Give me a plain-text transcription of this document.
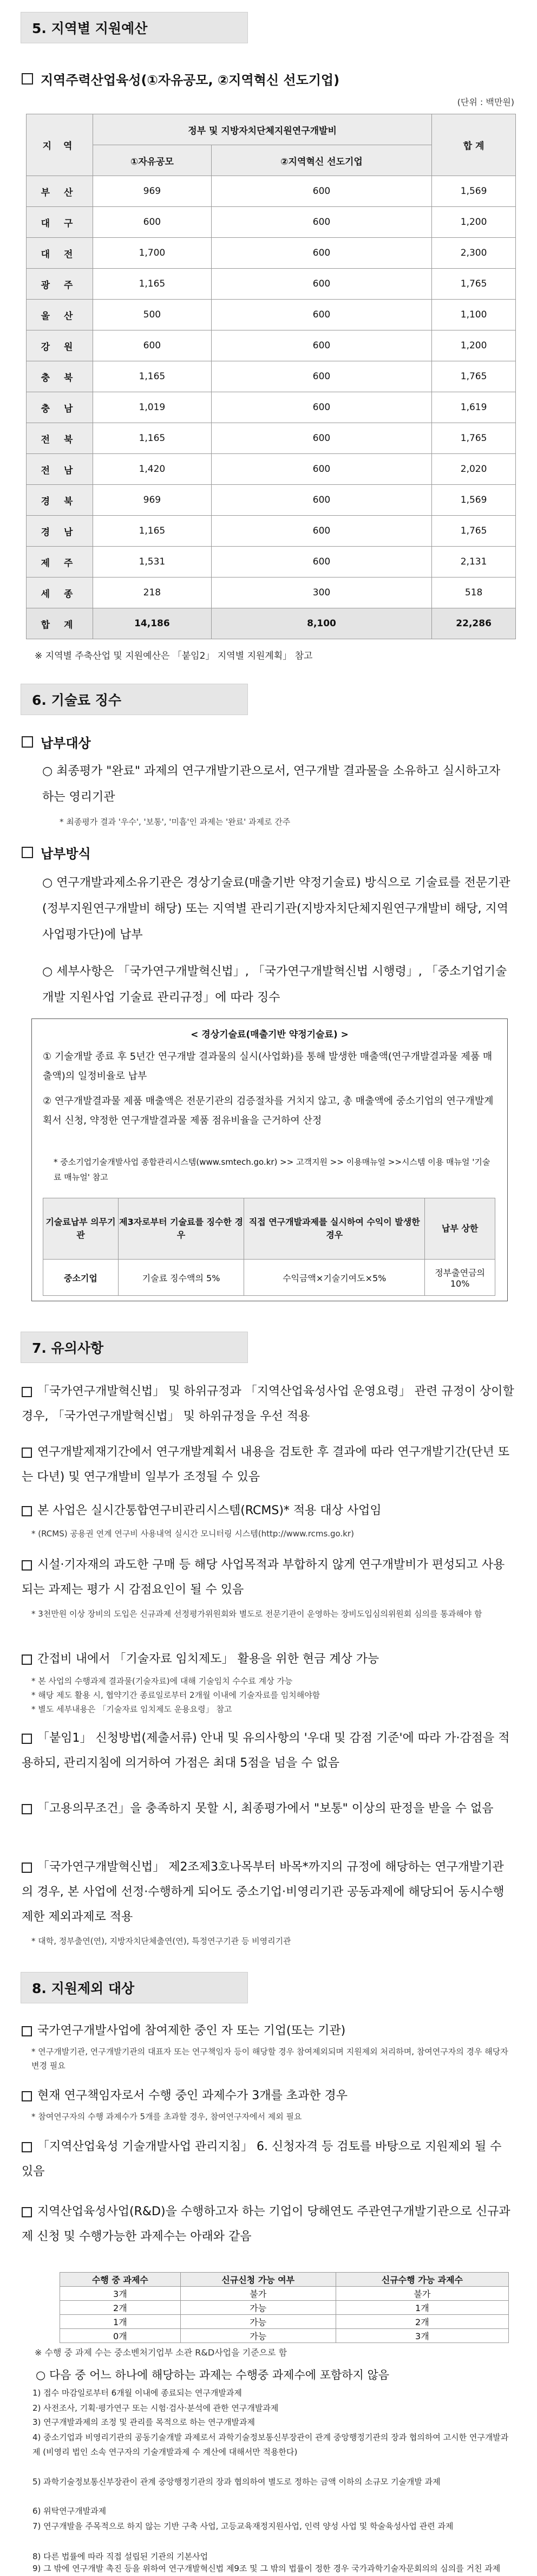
5. 지역별 지원예산
지역주력산업육성(①자유공모, ②지역혁신 선도기업)
(단위 : 백만원)
지 역	정부 및 지방자치단체지원연구개발비		합 계
	①자유공모	②지역혁신 선도기업	
부 산	969	600	1,569
대 구	600	600	1,200
대 전	1,700	600	2,300
광 주	1,165	600	1,765
울 산	500	600	1,100
강 원	600	600	1,200
충 북	1,165	600	1,765
충 남	1,019	600	1,619
전 북	1,165	600	1,765
전 남	1,420	600	2,020
경 북	969	600	1,569
경 남	1,165	600	1,765
제 주	1,531	600	2,131
세 종	218	300	518
합 계	14,186	8,100	22,286
※ 지역별 주축산업 및 지원예산은 「붙임2」 지역별 지원계획」 참고
6. 기술료 징수
납부대상
○ 최종평가 "완료" 과제의 연구개발기관으로서, 연구개발 결과물을 소유하고 실시하고자 하는 영리기관
* 최종평가 결과 '우수', '보통', '미흡'인 과제는 '완료' 과제로 간주
납부방식
○ 연구개발과제소유기관은 경상기술료(매출기반 약정기술료) 방식으로 기술료를 전문기관(정부지원연구개발비 해당) 또는 지역별 관리기관(지방자치단체지원연구개발비 해당, 지역사업평가단)에 납부
○ 세부사항은 「국가연구개발혁신법」, 「국가연구개발혁신법 시행령」, 「중소기업기술개발 지원사업 기술료 관리규정」에 따라 징수
< 경상기술료(매출기반 약정기술료) >
① 기술개발 종료 후 5년간 연구개발 결과물의 실시(사업화)를 통해 발생한 매출액(연구개발결과물 제품 매출액)의 일정비율로 납부
② 연구개발결과물 제품 매출액은 전문기관의 검증절차를 거치지 않고, 총 매출액에 중소기업의 연구개발계획서 신청, 약정한 연구개발결과물 제품 점유비율을 근거하여 산정
* 중소기업기술개발사업 종합관리시스템(www.smtech.go.kr) >> 고객지원 >> 이용매뉴얼 >>시스템 이용 매뉴얼 '기술료 매뉴얼' 참고
기술료납부 의무기관	제3자로부터 기술료를 징수한 경우	직접 연구개발과제를 실시하여 수익이 발생한 경우	납부 상한
중소기업	기술료 징수액의 5%	수익금액×기술기여도×5%	정부출연금의 10%
7. 유의사항
「국가연구개발혁신법」 및 하위규정과 「지역산업육성사업 운영요령」 관련 규정이 상이할 경우, 「국가연구개발혁신법」 및 하위규정을 우선 적용
연구개발제재기간에서 연구개발계획서 내용을 검토한 후 결과에 따라 연구개발기간(단년 또는 다년) 및 연구개발비 일부가 조정될 수 있음
본 사업은 실시간통합연구비관리시스템(RCMS)* 적용 대상 사업임
* (RCMS) 공용권 연계 연구비 사용내역 실시간 모니터링 시스템(http://www.rcms.go.kr)
시설·기자재의 과도한 구매 등 해당 사업목적과 부합하지 않게 연구개발비가 편성되고 사용되는 과제는 평가 시 감점요인이 될 수 있음
* 3천만원 이상 장비의 도입은 신규과제 선정평가위원회와 별도로 전문기관이 운영하는 장비도입심의위원회 심의를 통과해야 함
간접비 내에서 「기술자료 임치제도」 활용을 위한 현금 계상 가능
* 본 사업의 수행과제 결과물(기술자료)에 대해 기술임치 수수료 계상 가능
* 해당 제도 활용 시, 협약기간 종료일로부터 2개월 이내에 기술자료를 임치해야함
* 별도 세부내용은 「기술자료 임치제도 운용요령」 참고
「붙임1」 신청방법(제출서류) 안내 및 유의사항의 '우대 및 감점 기준'에 따라 가·감점을 적용하되, 관리지침에 의거하여 가점은 최대 5점을 넘을 수 없음
「고용의무조건」을 충족하지 못할 시, 최종평가에서 "보통" 이상의 판정을 받을 수 없음
「국가연구개발혁신법」 제2조제3호나목부터 바목*까지의 규정에 해당하는 연구개발기관의 경우, 본 사업에 선정·수행하게 되어도 중소기업·비영리기관 공동과제에 해당되어 동시수행제한 제외과제로 적용
* 대학, 정부출연(연), 지방자치단체출연(연), 특정연구기관 등 비영리기관
8. 지원제외 대상
국가연구개발사업에 참여제한 중인 자 또는 기업(또는 기관)
* 연구개발기관, 연구개발기관의 대표자 또는 연구책임자 등이 해당할 경우 참여제외되며 지원제외 처리하며, 참여연구자의 경우 해당자 변경 필요
현재 연구책임자로서 수행 중인 과제수가 3개를 초과한 경우
* 참여연구자의 수행 과제수가 5개를 초과할 경우, 참여연구자에서 제외 필요
「지역산업육성 기술개발사업 관리지침」 6. 신청자격 등 검토를 바탕으로 지원제외 될 수 있음
지역산업육성사업(R&D)을 수행하고자 하는 기업이 당해연도 주관연구개발기관으로 신규과제 신청 및 수행가능한 과제수는 아래와 같음
수행 중 과제수	신규신청 가능 여부	신규수행 가능 과제수
3개	불가	불가
2개	가능	1개
1개	가능	2개
0개	가능	3개
※ 수행 중 과제 수는 중소벤처기업부 소관 R&D사업을 기준으로 함
○ 다음 중 어느 하나에 해당하는 과제는 수행중 과제수에 포함하지 않음
1) 접수 마감일로부터 6개월 이내에 종료되는 연구개발과제
2) 사전조사, 기획·평가연구 또는 시험·검사·분석에 관한 연구개발과제
3) 연구개발과제의 조정 및 관리를 목적으로 하는 연구개발과제
4) 중소기업과 비영리기관의 공동기술개발 과제로서 과학기술정보통신부장관이 관계 중앙행정기관의 장과 협의하여 고시한 연구개발과제 (비영리 법인 소속 연구자의 기술개발과제 수 계산에 대해서만 적용한다)
5) 과학기술정보통신부장관이 관계 중앙행정기관의 장과 협의하여 별도로 정하는 금액 이하의 소규모 기술개발 과제
6) 위탁연구개발과제
7) 연구개발을 주목적으로 하지 않는 기반 구축 사업, 고등교육재정지원사업, 인력 양성 사업 및 학술육성사업 관련 과제
8) 다른 법률에 따라 직접 설립된 기관의 기본사업
9) 그 밖에 연구개발 촉진 등을 위하여 연구개발혁신법 제9조 및 그 밖의 법률이 정한 경우 국가과학기술자문회의의 심의를 거친 과제
